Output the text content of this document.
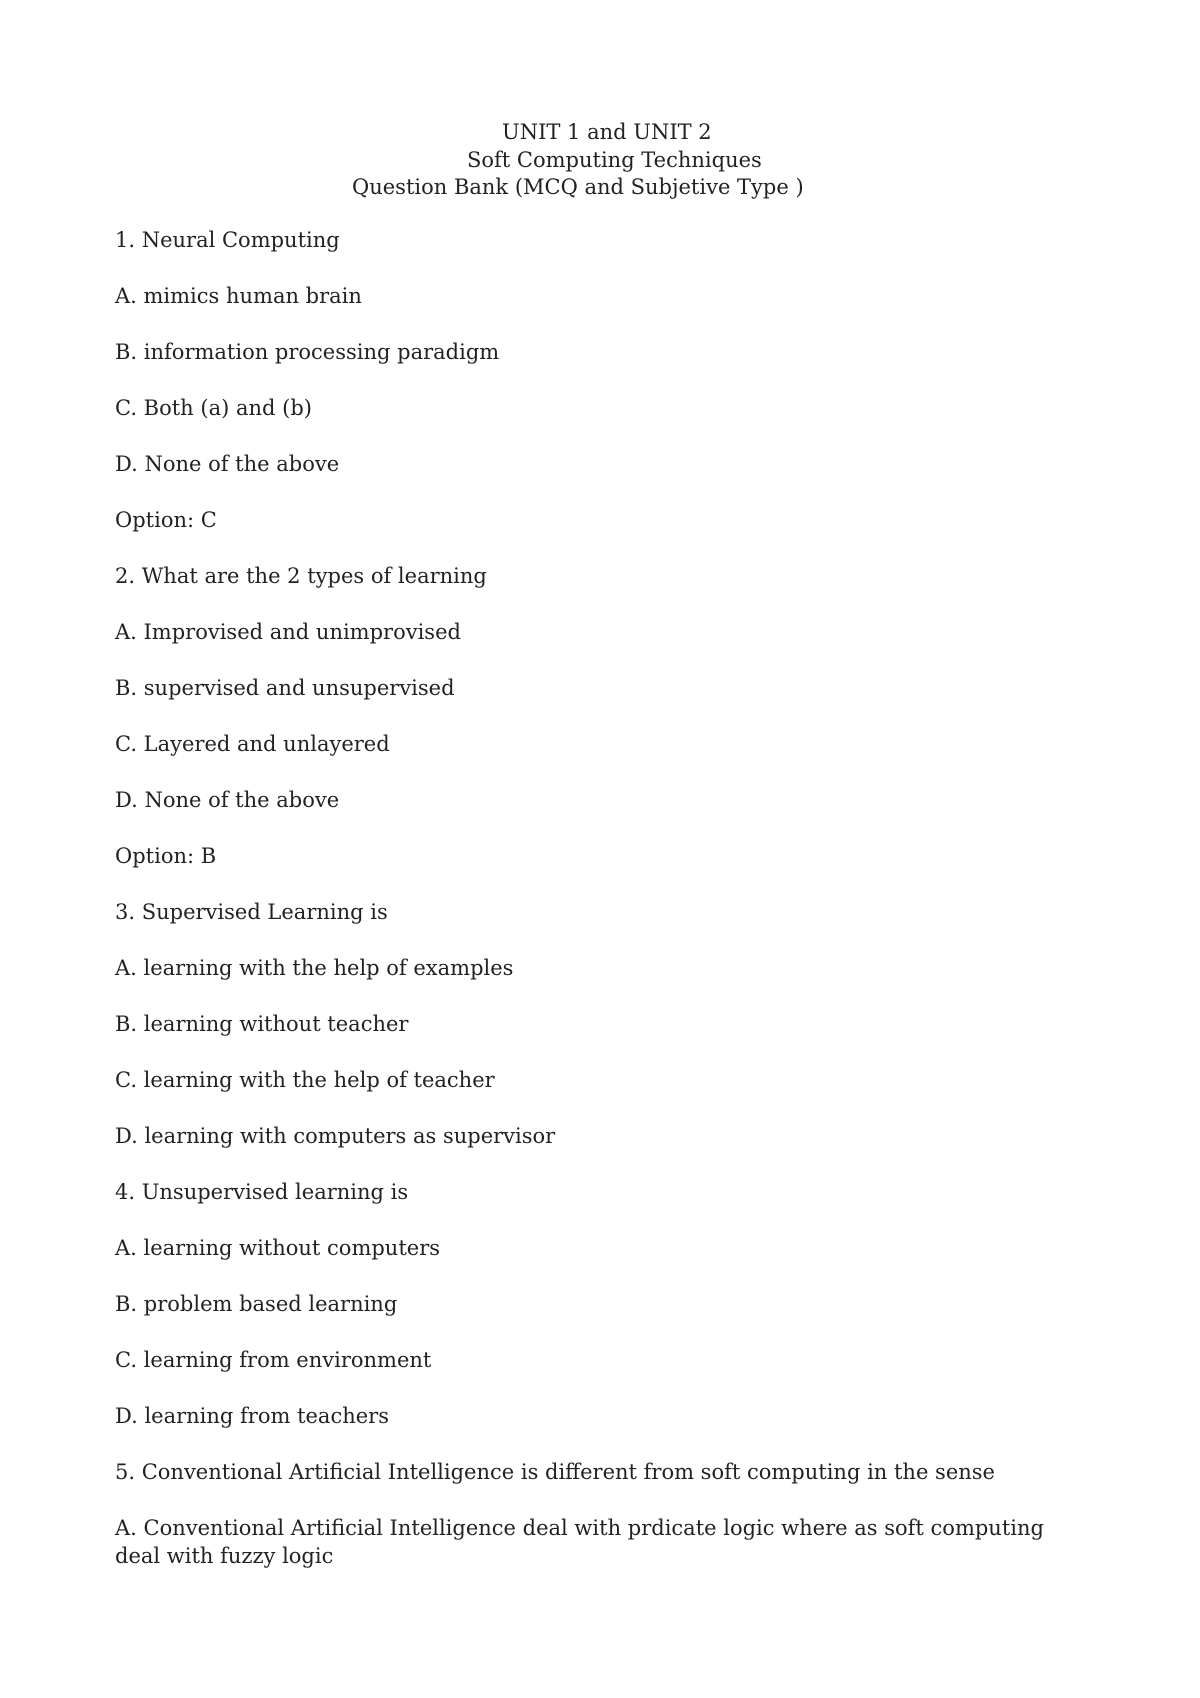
UNIT 1 and UNIT 2
Soft Computing Techniques
Question Bank (MCQ and Subjetive Type )
1. Neural Computing
A. mimics human brain
B. information processing paradigm
C. Both (a) and (b)
D. None of the above
Option: C
2. What are the 2 types of learning
A. Improvised and unimprovised
B. supervised and unsupervised
C. Layered and unlayered
D. None of the above
Option: B
3. Supervised Learning is
A. learning with the help of examples
B. learning without teacher
C. learning with the help of teacher
D. learning with computers as supervisor
4. Unsupervised learning is
A. learning without computers
B. problem based learning
C. learning from environment
D. learning from teachers
5. Conventional Artificial Intelligence is different from soft computing in the sense
A. Conventional Artificial Intelligence deal with prdicate logic where as soft computing deal with fuzzy logic
